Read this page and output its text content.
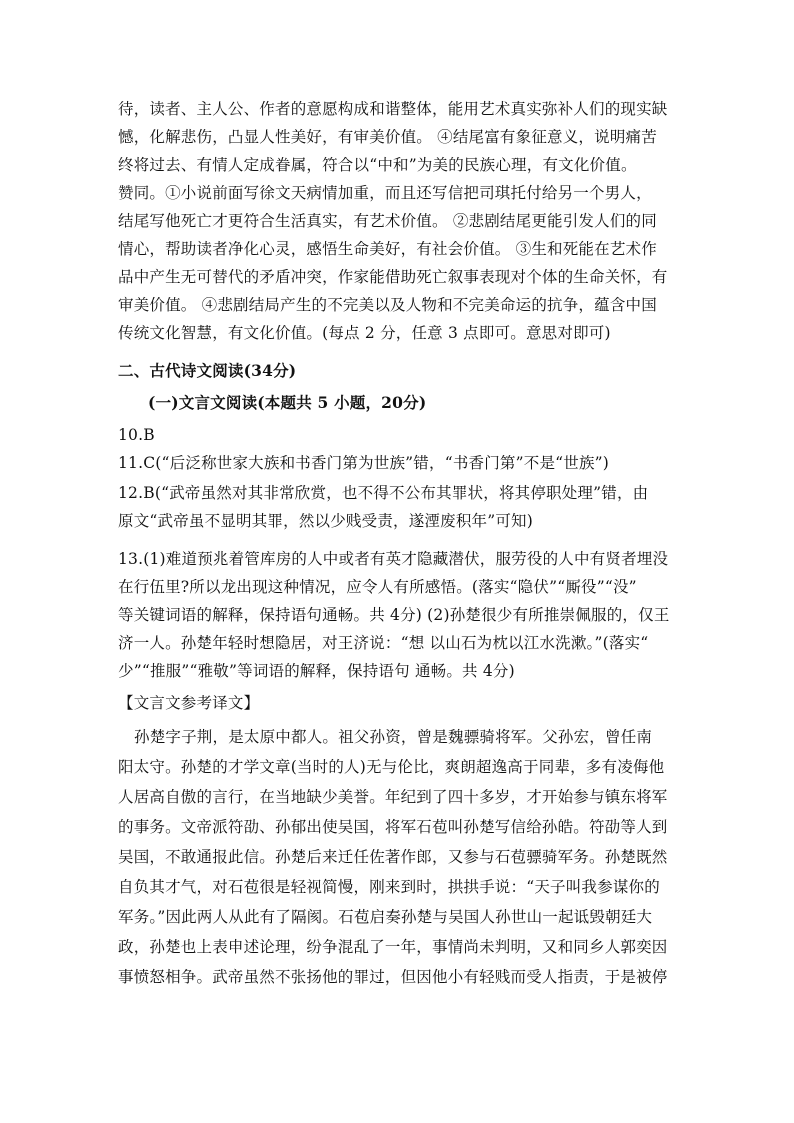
待，读者、主人公、作者的意愿构成和谐整体，能用艺术真实弥补人们的现实缺
憾，化解悲伤，凸显人性美好，有审美价值。 ④结尾富有象征意义，说明痛苦
终将过去、有情人定成眷属，符合以“中和”为美的民族心理，有文化价值。
赞同。①小说前面写徐文天病情加重，而且还写信把司琪托付给另一个男人，
结尾写他死亡才更符合生活真实，有艺术价值。 ②悲剧结尾更能引发人们的同
情心，帮助读者净化心灵，感悟生命美好，有社会价值。 ③生和死能在艺术作
品中产生无可替代的矛盾冲突，作家能借助死亡叙事表现对个体的生命关怀，有
审美价值。 ④悲剧结局产生的不完美以及人物和不完美命运的抗争，蕴含中国
传统文化智慧，有文化价值。(每点 2 分，任意 3 点即可。意思对即可)
二、古代诗文阅读(34分)
(一)文言文阅读(本题共 5 小题，20分)
10.B
11.C(“后泛称世家大族和书香门第为世族”错，“书香门第”不是“世族”)
12.B(“武帝虽然对其非常欣赏，也不得不公布其罪状，将其停职处理”错，由
原文“武帝虽不显明其罪，然以少贱受责，遂湮废积年”可知)
13.(1)难道预兆着管库房的人中或者有英才隐藏潜伏，服劳役的人中有贤者埋没
在行伍里?所以龙出现这种情况，应令人有所感悟。(落实“隐伏”“厮役”“没”
等关键词语的解释，保持语句通畅。共 4分) (2)孙楚很少有所推崇佩服的，仅王
济一人。孙楚年轻时想隐居，对王济说：“想 以山石为枕以江水洗漱。”(落实“
少”“推服”“雅敬”等词语的解释，保持语句 通畅。共 4分)
【文言文参考译文】
孙楚字子荆，是太原中都人。祖父孙资，曾是魏骠骑将军。父孙宏，曾任南
阳太守。孙楚的才学文章(当时的人)无与伦比，爽朗超逸高于同辈，多有凌侮他
人居高自傲的言行，在当地缺少美誉。年纪到了四十多岁，才开始参与镇东将军
的事务。文帝派符劭、孙郁出使吴国，将军石苞叫孙楚写信给孙皓。符劭等人到
吴国，不敢通报此信。孙楚后来迁任佐著作郎，又参与石苞骠骑军务。孙楚既然
自负其才气，对石苞很是轻视简慢，刚来到时，拱拱手说：“天子叫我参谋你的
军务。”因此两人从此有了隔阂。石苞启奏孙楚与吴国人孙世山一起诋毁朝廷大
政，孙楚也上表申述论理，纷争混乱了一年，事情尚未判明，又和同乡人郭奕因
事愤怒相争。武帝虽然不张扬他的罪过，但因他小有轻贱而受人指责，于是被停
